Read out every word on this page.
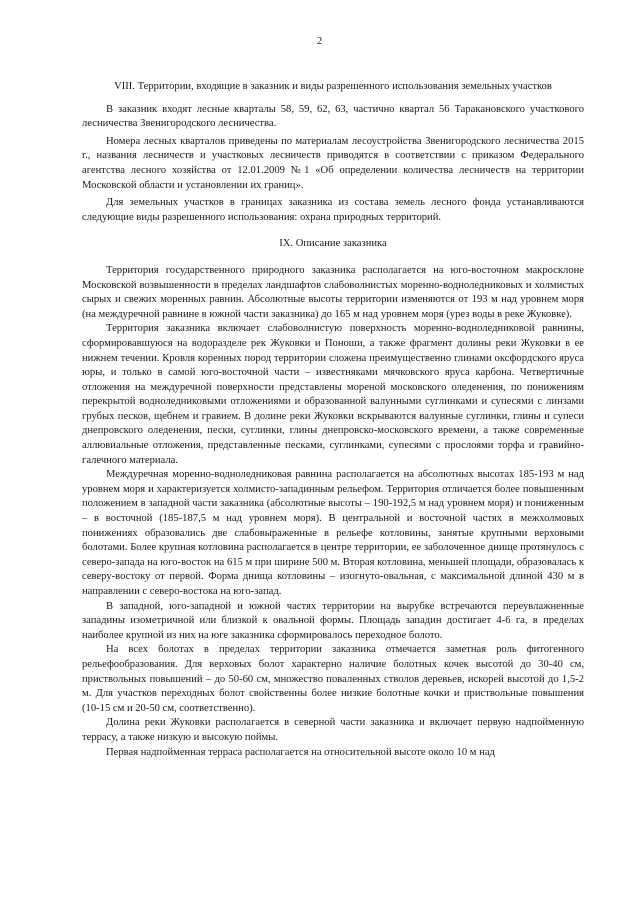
2

VIII. Территории, входящие в заказник и виды разрешенного использования земельных участков

В заказник входят лесные кварталы 58, 59, 62, 63, частично квартал 56 Таракановского участкового лесничества Звенигородского лесничества.

Номера лесных кварталов приведены по материалам лесоустройства Звенигородского лесничества 2015 г., названия лесничеств и участковых лесничеств приводятся в соответствии с приказом Федерального агентства лесного хозяйства от 12.01.2009 №1 «Об определении количества лесничеств на территории Московской области и установлении их границ».

Для земельных участков в границах заказника из состава земель лесного фонда устанавливаются следующие виды разрешенного использования: охрана природных территорий.

IX. Описание заказника

Территория государственного природного заказника располагается на юго-восточном макросклоне Московской возвышенности в пределах ландшафтов слабоволнистых моренно-водноледниковых и холмистых сырых и свежих моренных равнин. Абсолютные высоты территории изменяются от 193 м над уровнем моря (на междуречной равнине в южной части заказника) до 165 м над уровнем моря (урез воды в реке Жуковке).

Территория заказника включает слабоволнистую поверхность моренно-водноледниковой равнины, сформировавшуюся на водоразделе рек Жуковки и Поноши, а также фрагмент долины реки Жуковки в ее нижнем течении. Кровля коренных пород территории сложена преимущественно глинами оксфордского яруса юры, и только в самой юго-восточной части – известняками мячковского яруса карбона. Четвертичные отложения на междуречной поверхности представлены мореной московского оледенения, по понижениям перекрытой водноледниковыми отложениями и образованной валунными суглинками и супесями с линзами грубых песков, щебнем и гравием. В долине реки Жуковки вскрываются валунные суглинки, глины и супеси днепровского оледенения, пески, суглинки, глины днепровско-московского времени, а также современные аллювиальные отложения, представленные песками, суглинками, супесями с прослоями торфа и гравийно-галечного материала.

Междуречная моренно-водноледниковая равнина располагается на абсолютных высотах 185-193 м над уровнем моря и характеризуется холмисто-западинным рельефом. Территория отличается более повышенным положением в западной части заказника (абсолютные высоты – 190-192,5 м над уровнем моря) и пониженным – в восточной (185-187,5 м над уровнем моря). В центральной и восточной частях в межхолмовых понижениях образовались две слабовыраженные в рельефе котловины, занятые крупными верховыми болотами. Более крупная котловина располагается в центре территории, ее заболоченное днище протянулось с северо-запада на юго-восток на 615 м при ширине 500 м. Вторая котловина, меньшей площади, образовалась к северу-востоку от первой. Форма днища котловины – изогнуто-овальная, с максимальной длиной 430 м в направлении с северо-востока на юго-запад.

В западной, юго-западной и южной частях территории на вырубке встречаются переувлажненные западины изометричной или близкой к овальной формы. Площадь западин достигает 4-6 га, в пределах наиболее крупной из них на юге заказника сформировалось переходное болото.

На всех болотах в пределах территории заказника отмечается заметная роль фитогенного рельефообразования. Для верховых болот характерно наличие болотных кочек высотой до 30-40 см, приствольных повышений – до 50-60 см, множество поваленных стволов деревьев, искорей высотой до 1,5-2 м. Для участков переходных болот свойственны более низкие болотные кочки и приствольные повышения (10-15 см и 20-50 см, соответственно).

Долина реки Жуковки располагается в северной части заказника и включает первую надпойменную террасу, а также низкую и высокую поймы.

Первая надпойменная терраса располагается на относительной высоте около 10 м над
